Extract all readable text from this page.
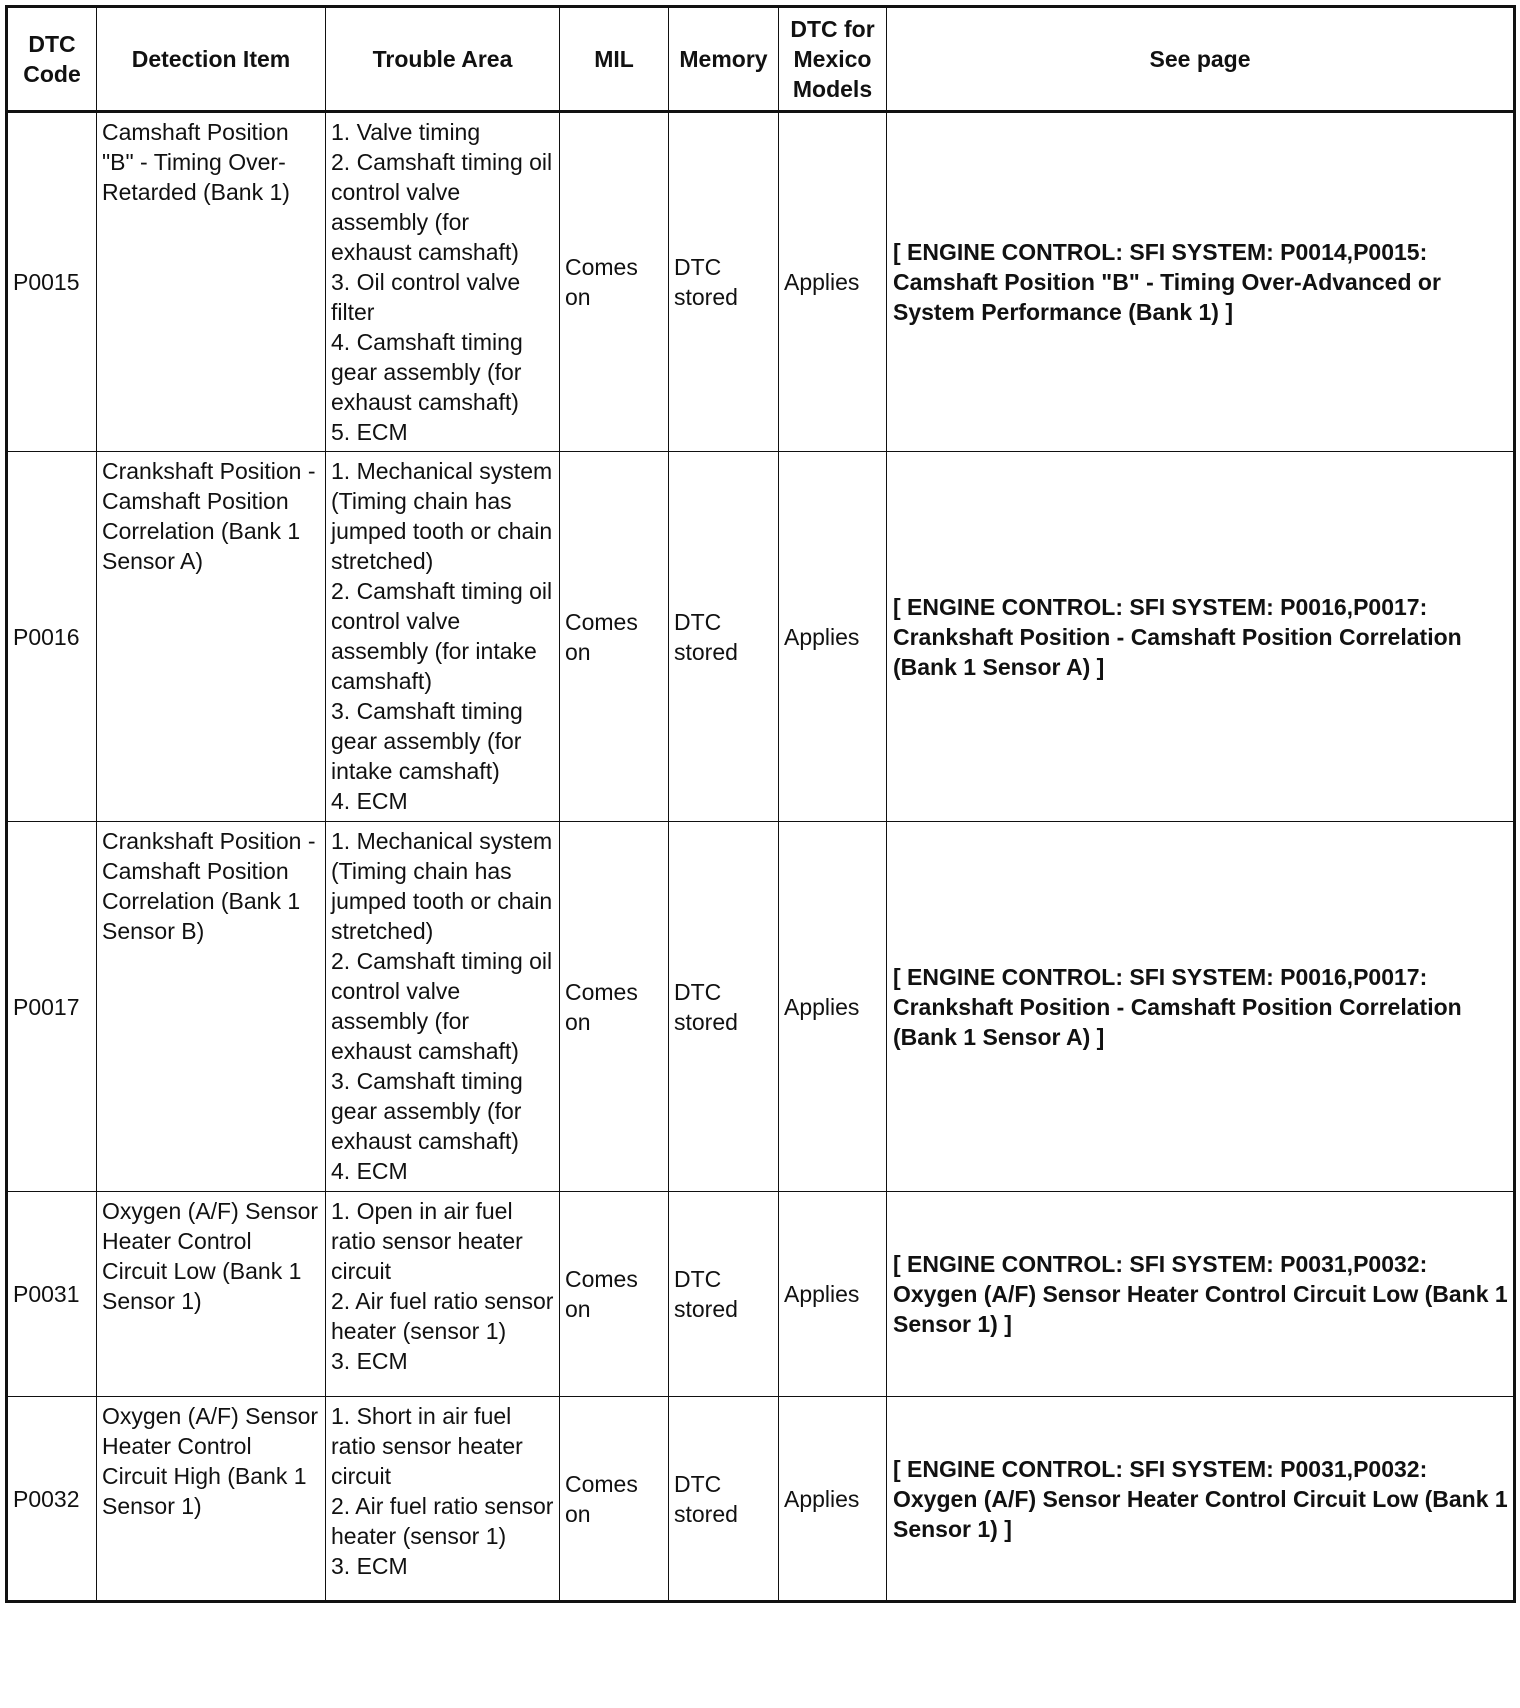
DTC Code	Detection Item	Trouble Area	MIL	Memory	DTC for Mexico Models	See page
P0015	Camshaft Position "B" - Timing Over-Retarded (Bank 1)	1. Valve timing
2. Camshaft timing oil control valve assembly (for exhaust camshaft)
3. Oil control valve filter
4. Camshaft timing gear assembly (for exhaust camshaft)
5. ECM	Comes on	DTC stored	Applies	[ ENGINE CONTROL: SFI SYSTEM: P0014,P0015: Camshaft Position "B" - Timing Over-Advanced or System Performance (Bank 1) ]
P0016	Crankshaft Position - Camshaft Position Correlation (Bank 1 Sensor A)	1. Mechanical system (Timing chain has jumped tooth or chain stretched)
2. Camshaft timing oil control valve assembly (for intake camshaft)
3. Camshaft timing gear assembly (for intake camshaft)
4. ECM	Comes on	DTC stored	Applies	[ ENGINE CONTROL: SFI SYSTEM: P0016,P0017: Crankshaft Position - Camshaft Position Correlation (Bank 1 Sensor A) ]
P0017	Crankshaft Position - Camshaft Position Correlation (Bank 1 Sensor B)	1. Mechanical system (Timing chain has jumped tooth or chain stretched)
2. Camshaft timing oil control valve assembly (for exhaust camshaft)
3. Camshaft timing gear assembly (for exhaust camshaft)
4. ECM	Comes on	DTC stored	Applies	[ ENGINE CONTROL: SFI SYSTEM: P0016,P0017: Crankshaft Position - Camshaft Position Correlation (Bank 1 Sensor A) ]
P0031	Oxygen (A/F) Sensor Heater Control Circuit Low (Bank 1 Sensor 1)	1. Open in air fuel ratio sensor heater circuit
2. Air fuel ratio sensor heater (sensor 1)
3. ECM	Comes on	DTC stored	Applies	[ ENGINE CONTROL: SFI SYSTEM: P0031,P0032: Oxygen (A/F) Sensor Heater Control Circuit Low (Bank 1 Sensor 1) ]
P0032	Oxygen (A/F) Sensor Heater Control Circuit High (Bank 1 Sensor 1)	1. Short in air fuel ratio sensor heater circuit
2. Air fuel ratio sensor heater (sensor 1)
3. ECM	Comes on	DTC stored	Applies	[ ENGINE CONTROL: SFI SYSTEM: P0031,P0032: Oxygen (A/F) Sensor Heater Control Circuit Low (Bank 1 Sensor 1) ]
